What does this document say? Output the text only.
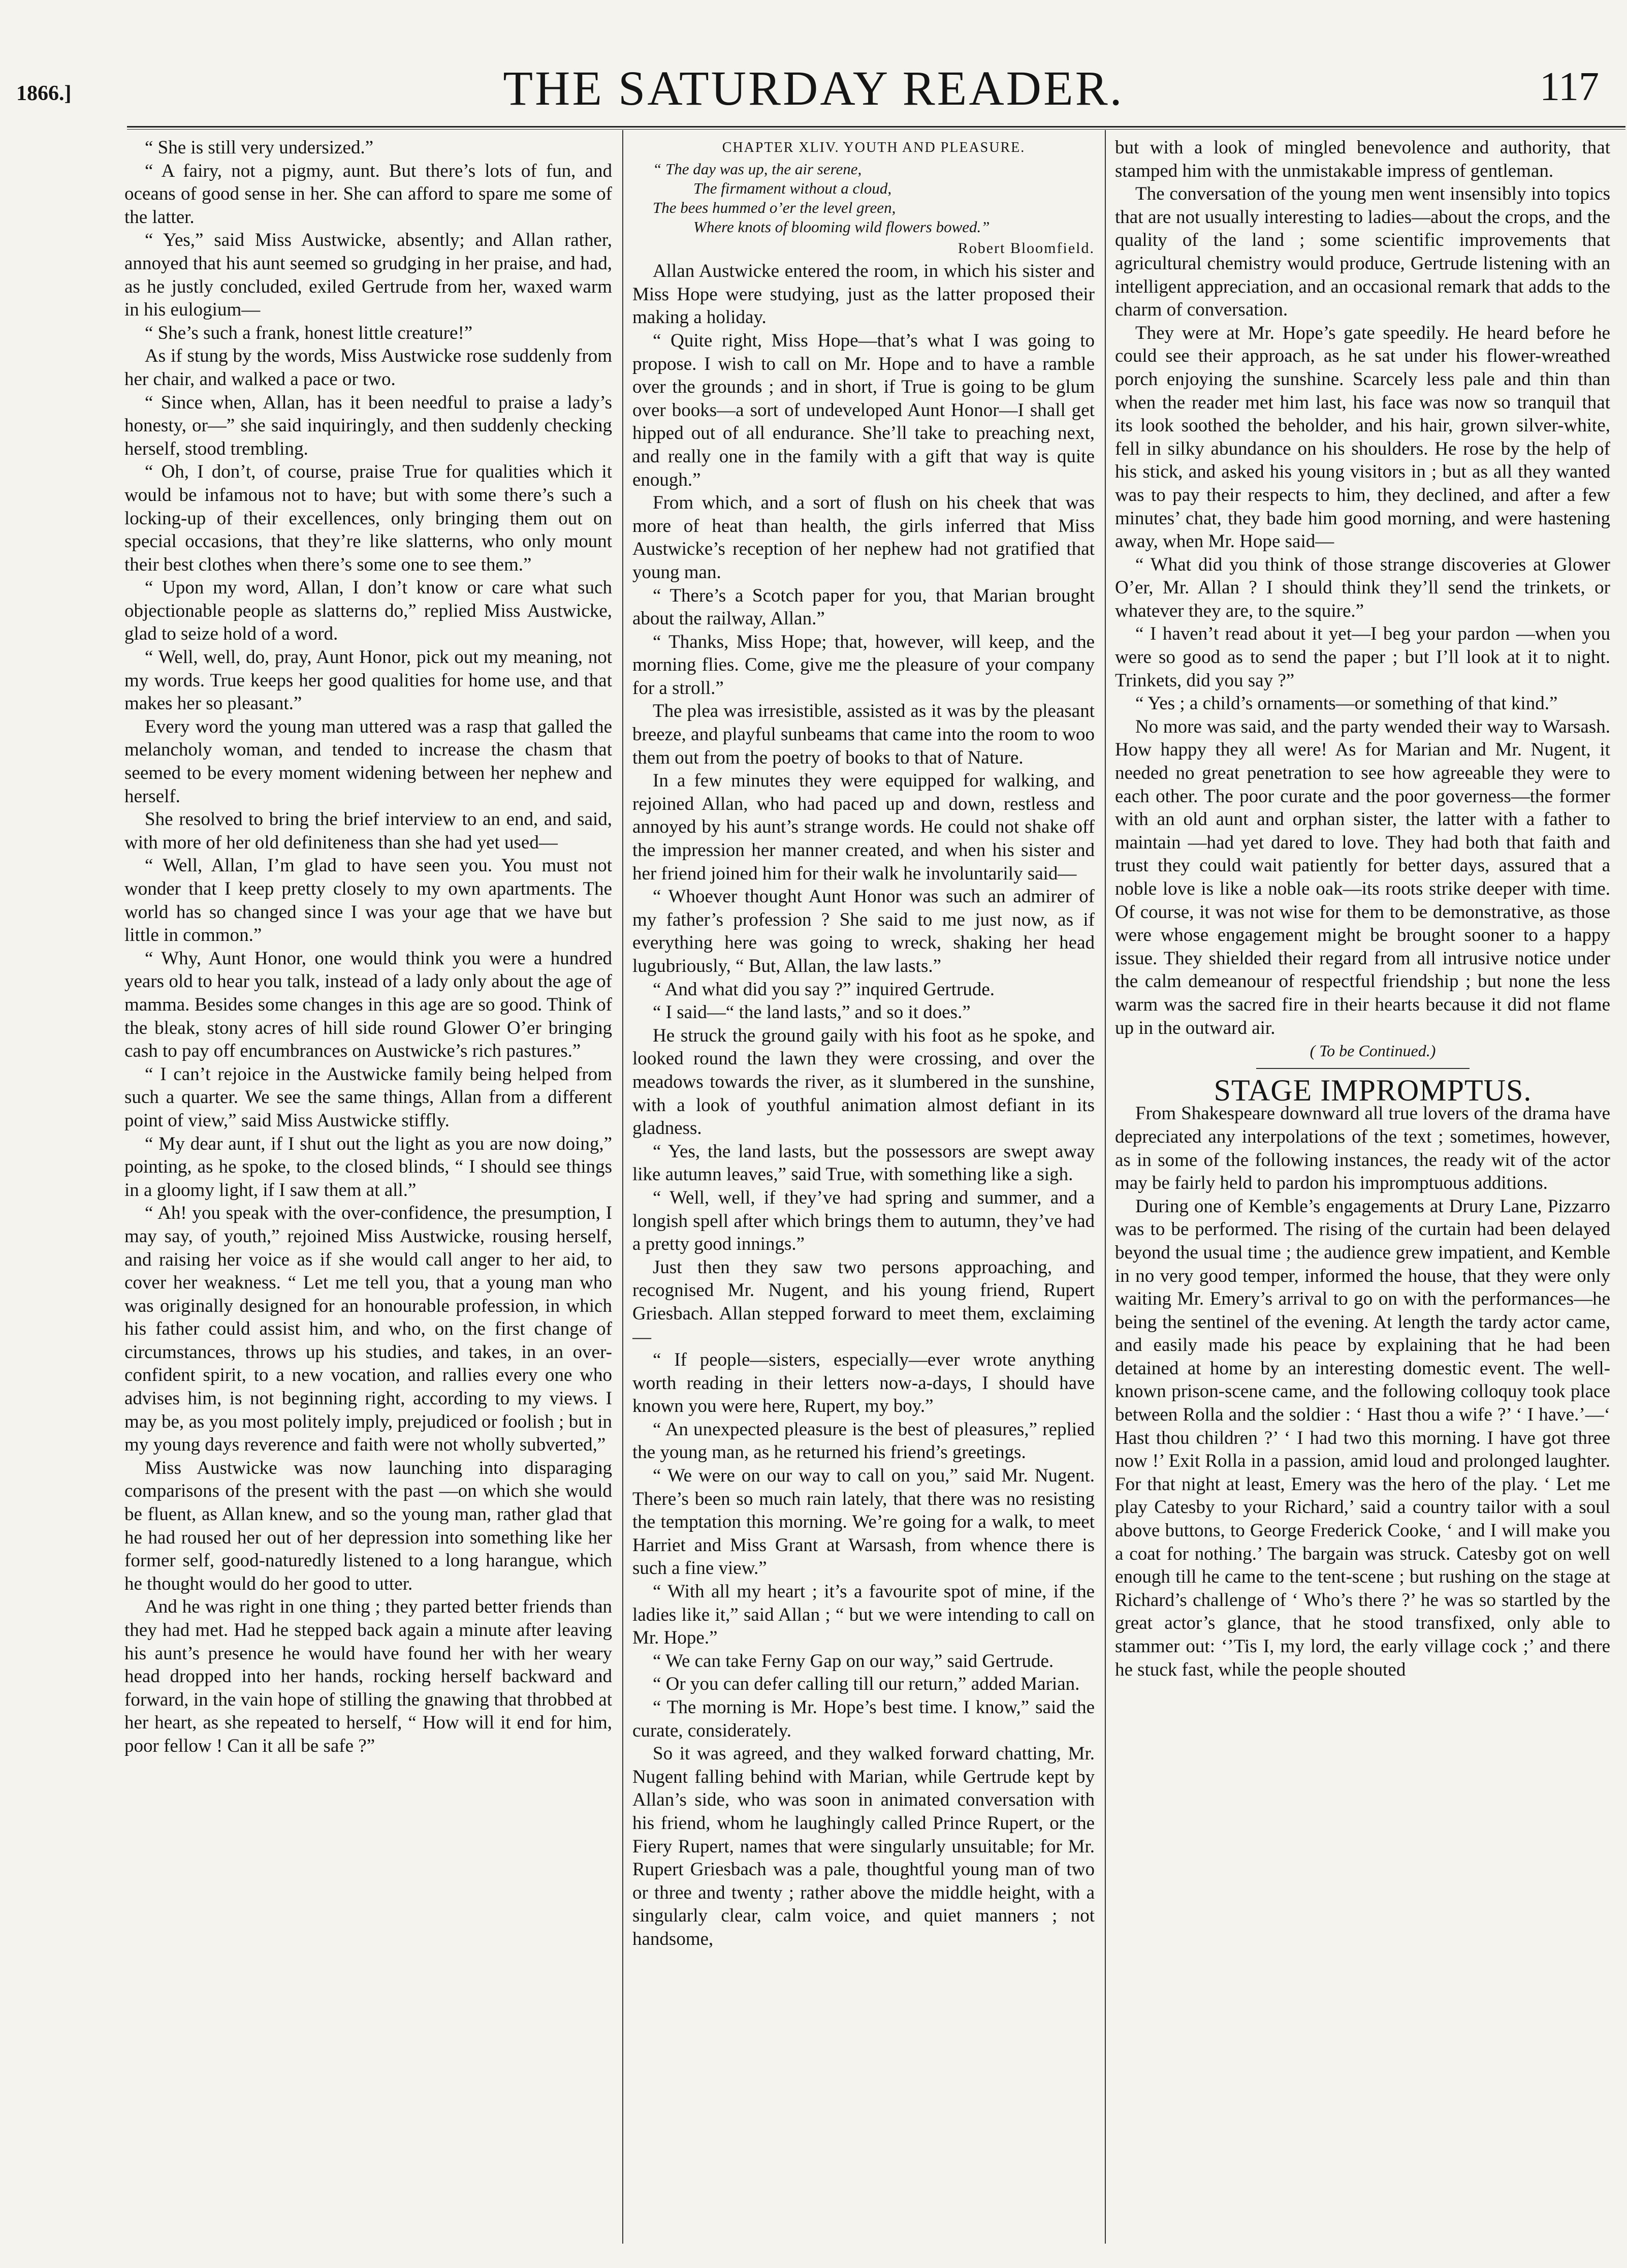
1866.]	THE SATURDAY READER.	117

“ She is still very undersized.”

“ A fairy, not a pigmy, aunt. But there’s lots of fun, and oceans of good sense in her. She can afford to spare me some of the latter.

“ Yes,” said Miss Austwicke, absently; and Allan rather, annoyed that his aunt seemed so grudging in her praise, and had, as he justly concluded, exiled Gertrude from her, waxed warm in his eulogium—

“ She’s such a frank, honest little creature!”

As if stung by the words, Miss Austwicke rose suddenly from her chair, and walked a pace or two.

“ Since when, Allan, has it been needful to praise a lady’s honesty, or—” she said inquiringly, and then suddenly checking herself, stood trembling.

“ Oh, I don’t, of course, praise True for qualities which it would be infamous not to have; but with some there’s such a locking-up of their excellences, only bringing them out on special occasions, that they’re like slatterns, who only mount their best clothes when there’s some one to see them.”

“ Upon my word, Allan, I don’t know or care what such objectionable people as slatterns do,” replied Miss Austwicke, glad to seize hold of a word.

“ Well, well, do, pray, Aunt Honor, pick out my meaning, not my words. True keeps her good qualities for home use, and that makes her so pleasant.”

Every word the young man uttered was a rasp that galled the melancholy woman, and tended to increase the chasm that seemed to be every moment widening between her nephew and herself.

She resolved to bring the brief interview to an end, and said, with more of her old definiteness than she had yet used—

“ Well, Allan, I’m glad to have seen you. You must not wonder that I keep pretty closely to my own apartments. The world has so changed since I was your age that we have but little in common.”

“ Why, Aunt Honor, one would think you were a hundred years old to hear you talk, instead of a lady only about the age of mamma. Besides some changes in this age are so good. Think of the bleak, stony acres of hill side round Glower O’er bringing cash to pay off encumbrances on Austwicke’s rich pastures.”

“ I can’t rejoice in the Austwicke family being helped from such a quarter. We see the same things, Allan from a different point of view,” said Miss Austwicke stiffly.

“ My dear aunt, if I shut out the light as you are now doing,” pointing, as he spoke, to the closed blinds, “ I should see things in a gloomy light, if I saw them at all.”

“ Ah! you speak with the over-confidence, the presumption, I may say, of youth,” rejoined Miss Austwicke, rousing herself, and raising her voice as if she would call anger to her aid, to cover her weakness. “ Let me tell you, that a young man who was originally designed for an honourable profession, in which his father could assist him, and who, on the first change of circumstances, throws up his studies, and takes, in an over-confident spirit, to a new vocation, and rallies every one who advises him, is not beginning right, according to my views. I may be, as you most politely imply, prejudiced or foolish ; but in my young days reverence and faith were not wholly subverted,”

Miss Austwicke was now launching into disparaging comparisons of the present with the past —on which she would be fluent, as Allan knew, and so the young man, rather glad that he had roused her out of her depression into something like her former self, good-naturedly listened to a long harangue, which he thought would do her good to utter.

And he was right in one thing ; they parted better friends than they had met. Had he stepped back again a minute after leaving his aunt’s presence he would have found her with her weary head dropped into her hands, rocking herself backward and forward, in the vain hope of stilling the gnawing that throbbed at her heart, as she repeated to herself, “ How will it end for him, poor fellow ! Can it all be safe ?”

CHAPTER XLIV. YOUTH AND PLEASURE.

“ The day was up, the air serene,

The firmament without a cloud,

The bees hummed o’er the level green,

Where knots of blooming wild flowers bowed.”

Robert Bloomfield.

Allan Austwicke entered the room, in which his sister and Miss Hope were studying, just as the latter proposed their making a holiday.

“ Quite right, Miss Hope—that’s what I was going to propose. I wish to call on Mr. Hope and to have a ramble over the grounds ; and in short, if True is going to be glum over books—a sort of undeveloped Aunt Honor—I shall get hipped out of all endurance. She’ll take to preaching next, and really one in the family with a gift that way is quite enough.”

From which, and a sort of flush on his cheek that was more of heat than health, the girls inferred that Miss Austwicke’s reception of her nephew had not gratified that young man.

“ There’s a Scotch paper for you, that Marian brought about the railway, Allan.”

“ Thanks, Miss Hope; that, however, will keep, and the morning flies. Come, give me the pleasure of your company for a stroll.”

The plea was irresistible, assisted as it was by the pleasant breeze, and playful sunbeams that came into the room to woo them out from the poetry of books to that of Nature.

In a few minutes they were equipped for walking, and rejoined Allan, who had paced up and down, restless and annoyed by his aunt’s strange words. He could not shake off the impression her manner created, and when his sister and her friend joined him for their walk he involuntarily said—

“ Whoever thought Aunt Honor was such an admirer of my father’s profession ? She said to me just now, as if everything here was going to wreck, shaking her head lugubriously, “ But, Allan, the law lasts.”

“ And what did you say ?” inquired Gertrude.

“ I said—“ the land lasts,” and so it does.”

He struck the ground gaily with his foot as he spoke, and looked round the lawn they were crossing, and over the meadows towards the river, as it slumbered in the sunshine, with a look of youthful animation almost defiant in its gladness.

“ Yes, the land lasts, but the possessors are swept away like autumn leaves,” said True, with something like a sigh.

“ Well, well, if they’ve had spring and summer, and a longish spell after which brings them to autumn, they’ve had a pretty good innings.”

Just then they saw two persons approaching, and recognised Mr. Nugent, and his young friend, Rupert Griesbach. Allan stepped forward to meet them, exclaiming—

“ If people—sisters, especially—ever wrote anything worth reading in their letters now-a-days, I should have known you were here, Rupert, my boy.”

“ An unexpected pleasure is the best of pleasures,” replied the young man, as he returned his friend’s greetings.

“ We were on our way to call on you,” said Mr. Nugent. There’s been so much rain lately, that there was no resisting the temptation this morning. We’re going for a walk, to meet Harriet and Miss Grant at Warsash, from whence there is such a fine view.”

“ With all my heart ; it’s a favourite spot of mine, if the ladies like it,” said Allan ; “ but we were intending to call on Mr. Hope.”

“ We can take Ferny Gap on our way,” said Gertrude.

“ Or you can defer calling till our return,” added Marian.

“ The morning is Mr. Hope’s best time. I know,” said the curate, considerately.

So it was agreed, and they walked forward chatting, Mr. Nugent falling behind with Marian, while Gertrude kept by Allan’s side, who was soon in animated conversation with his friend, whom he laughingly called Prince Rupert, or the Fiery Rupert, names that were singularly unsuitable; for Mr. Rupert Griesbach was a pale, thoughtful young man of two or three and twenty ; rather above the middle height, with a singularly clear, calm voice, and quiet manners ; not handsome,

but with a look of mingled benevolence and authority, that stamped him with the unmistakable impress of gentleman.

The conversation of the young men went insensibly into topics that are not usually interesting to ladies—about the crops, and the quality of the land ; some scientific improvements that agricultural chemistry would produce, Gertrude listening with an intelligent appreciation, and an occasional remark that adds to the charm of conversation.

They were at Mr. Hope’s gate speedily. He heard before he could see their approach, as he sat under his flower-wreathed porch enjoying the sunshine. Scarcely less pale and thin than when the reader met him last, his face was now so tranquil that its look soothed the beholder, and his hair, grown silver-white, fell in silky abundance on his shoulders. He rose by the help of his stick, and asked his young visitors in ; but as all they wanted was to pay their respects to him, they declined, and after a few minutes’ chat, they bade him good morning, and were hastening away, when Mr. Hope said—

“ What did you think of those strange discoveries at Glower O’er, Mr. Allan ? I should think they’ll send the trinkets, or whatever they are, to the squire.”

“ I haven’t read about it yet—I beg your pardon —when you were so good as to send the paper ; but I’ll look at it to night. Trinkets, did you say ?”

“ Yes ; a child’s ornaments—or something of that kind.”

No more was said, and the party wended their way to Warsash. How happy they all were! As for Marian and Mr. Nugent, it needed no great penetration to see how agreeable they were to each other. The poor curate and the poor governess—the former with an old aunt and orphan sister, the latter with a father to maintain —had yet dared to love. They had both that faith and trust they could wait patiently for better days, assured that a noble love is like a noble oak—its roots strike deeper with time. Of course, it was not wise for them to be demonstrative, as those were whose engagement might be brought sooner to a happy issue. They shielded their regard from all intrusive notice under the calm demeanour of respectful friendship ; but none the less warm was the sacred fire in their hearts because it did not flame up in the outward air.

( To be Continued.)

STAGE IMPROMPTUS.

From Shakespeare downward all true lovers of the drama have depreciated any interpolations of the text ; sometimes, however, as in some of the following instances, the ready wit of the actor may be fairly held to pardon his impromptuous additions.

During one of Kemble’s engagements at Drury Lane, Pizzarro was to be performed. The rising of the curtain had been delayed beyond the usual time ; the audience grew impatient, and Kemble in no very good temper, informed the house, that they were only waiting Mr. Emery’s arrival to go on with the performances—he being the sentinel of the evening. At length the tardy actor came, and easily made his peace by explaining that he had been detained at home by an interesting domestic event. The well-known prison-scene came, and the following colloquy took place between Rolla and the soldier : ‘ Hast thou a wife ?’ ‘ I have.’—‘ Hast thou children ?’ ‘ I had two this morning. I have got three now !’ Exit Rolla in a passion, amid loud and prolonged laughter. For that night at least, Emery was the hero of the play. ‘ Let me play Catesby to your Richard,’ said a country tailor with a soul above buttons, to George Frederick Cooke, ‘ and I will make you a coat for nothing.’ The bargain was struck. Catesby got on well enough till he came to the tent-scene ; but rushing on the stage at Richard’s challenge of ‘ Who’s there ?’ he was so startled by the great actor’s glance, that he stood transfixed, only able to stammer out: ‘’Tis I, my lord, the early village cock ;’ and there he stuck fast, while the people shouted
